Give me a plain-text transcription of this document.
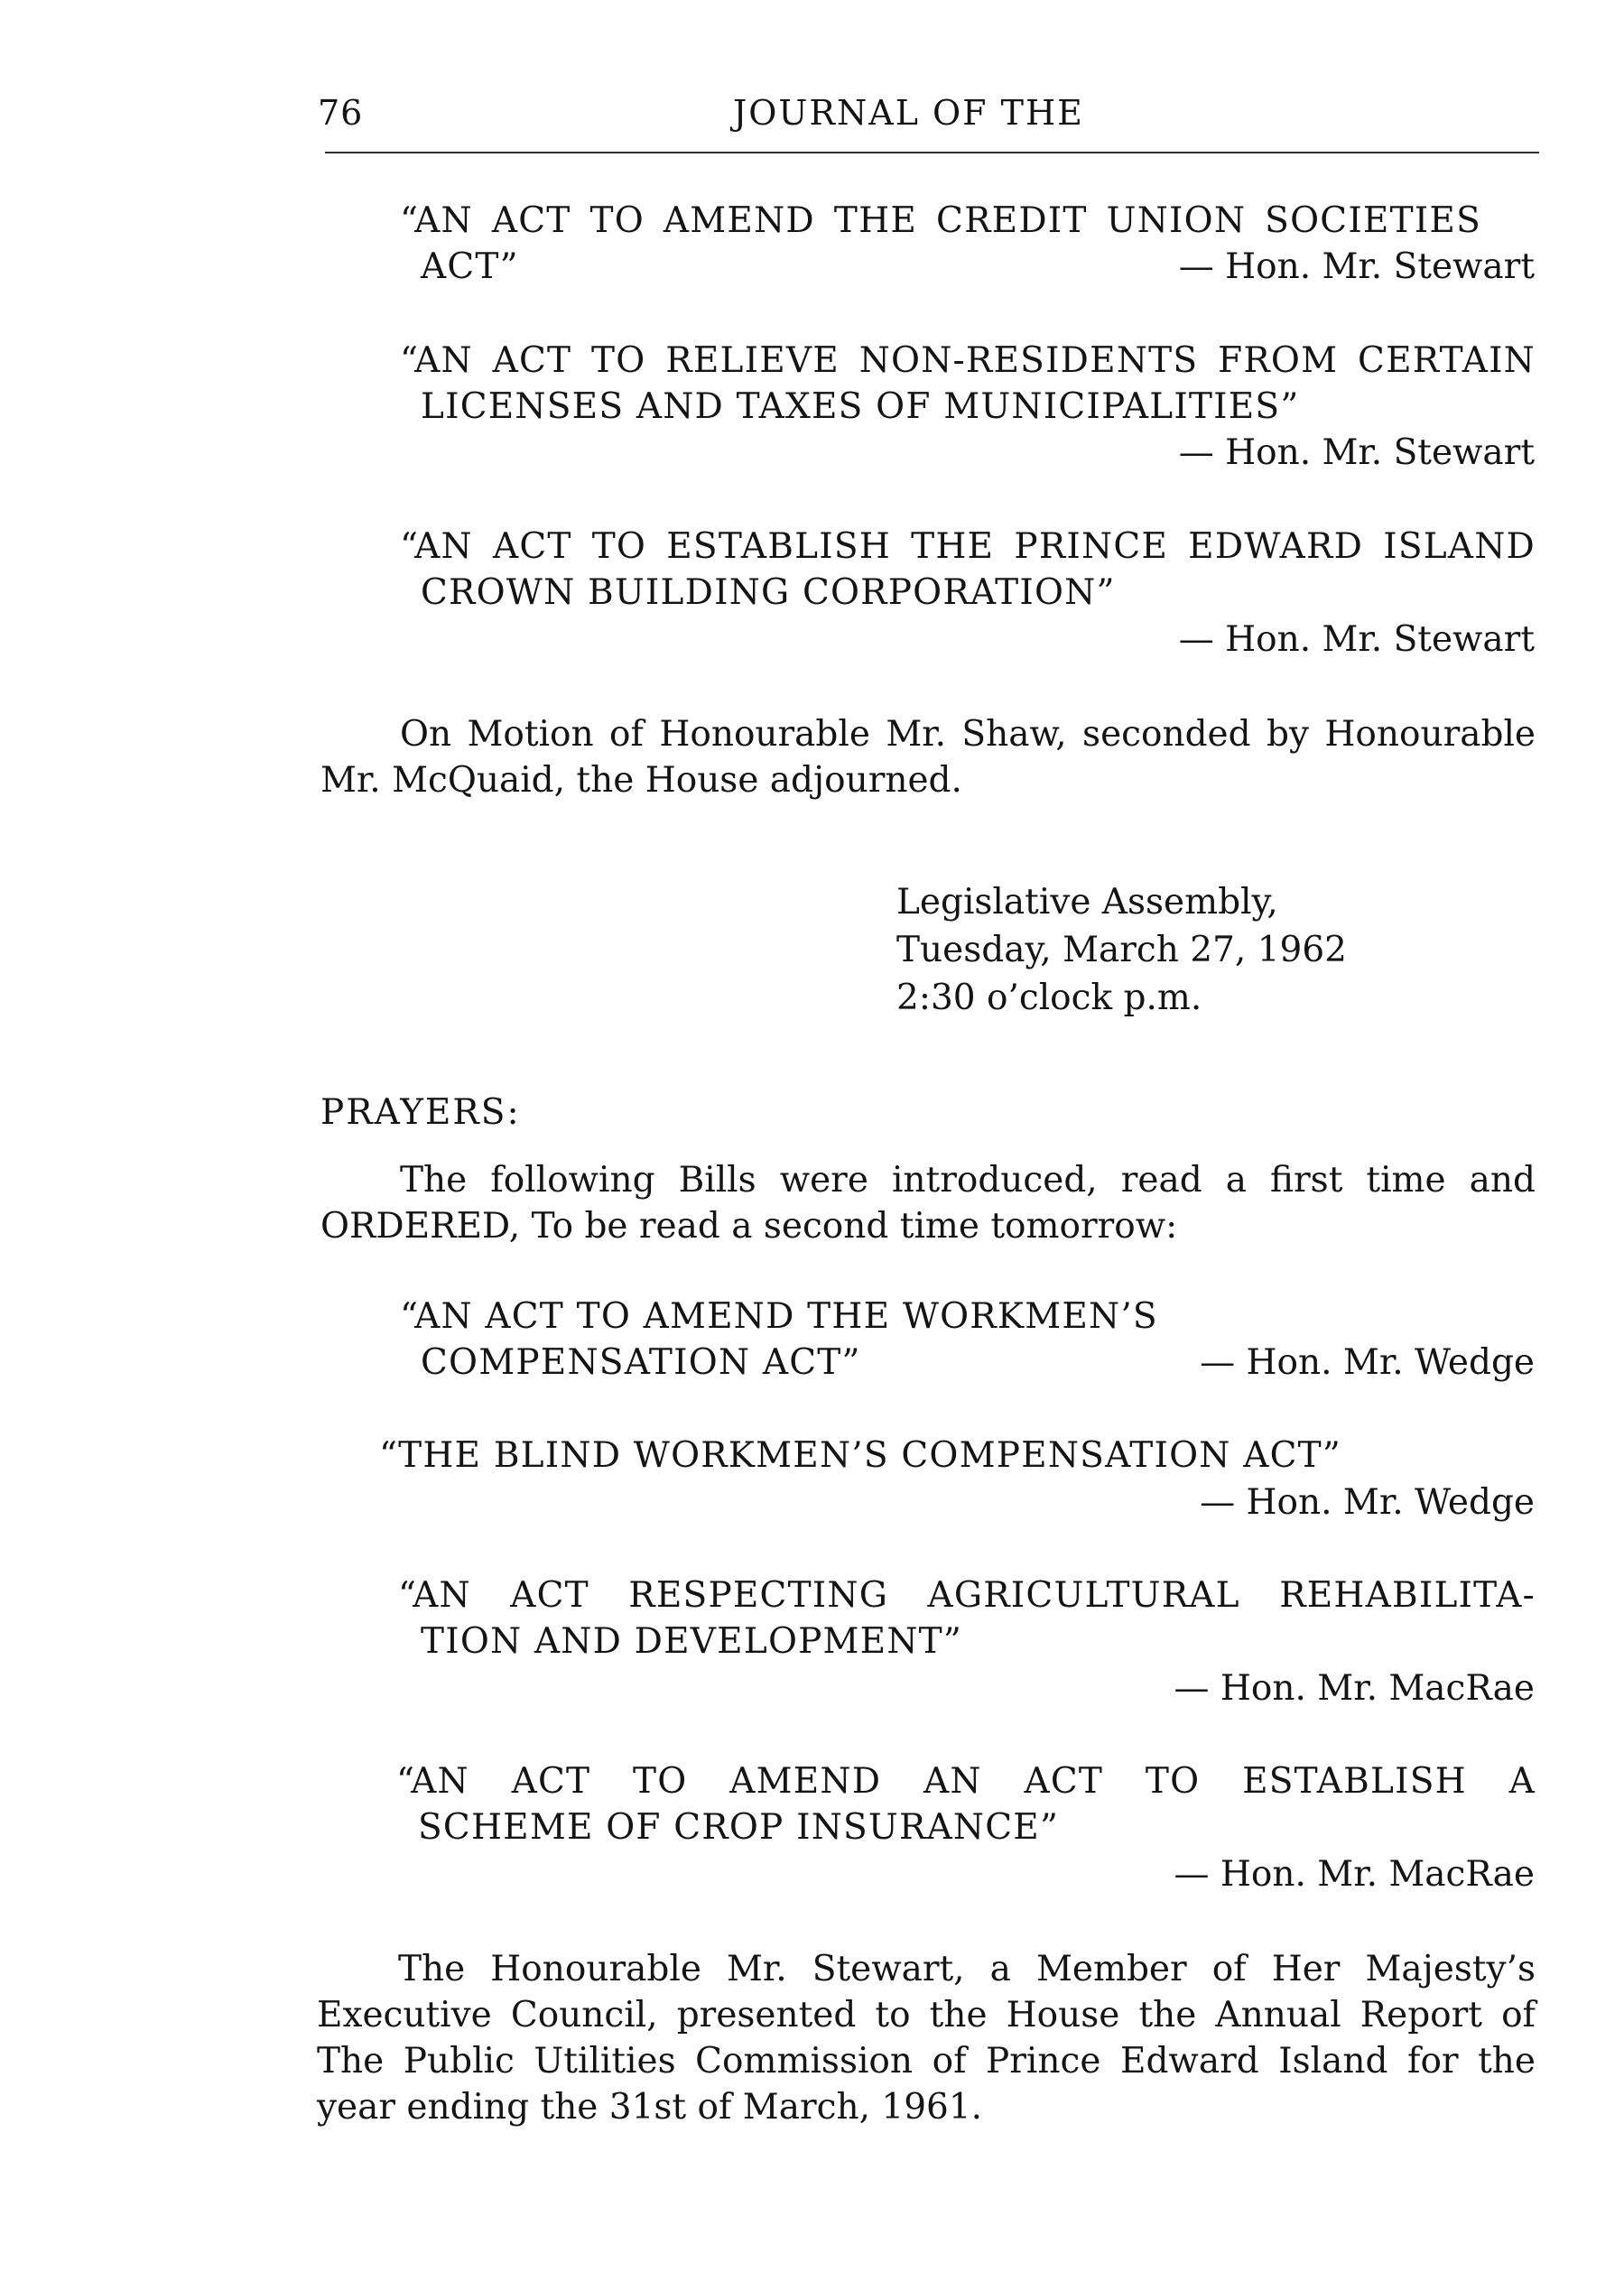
76	JOURNAL OF THE
“AN ACT TO AMEND THE CREDIT UNION SOCIETIES
ACT”	— Hon. Mr. Stewart
“AN ACT TO RELIEVE NON-RESIDENTS FROM CERTAIN
LICENSES AND TAXES OF MUNICIPALITIES”
— Hon. Mr. Stewart
“AN ACT TO ESTABLISH THE PRINCE EDWARD ISLAND
CROWN BUILDING CORPORATION”
— Hon. Mr. Stewart
On Motion of Honourable Mr. Shaw, seconded by Honourable
Mr. McQuaid, the House adjourned.
Legislative Assembly,
Tuesday, March 27, 1962
2:30 o’clock p.m.
PRAYERS:
The following Bills were introduced, read a first time and
ORDERED, To be read a second time tomorrow:
“AN ACT TO AMEND THE WORKMEN’S
COMPENSATION ACT”	— Hon. Mr. Wedge
“THE BLIND WORKMEN’S COMPENSATION ACT”
— Hon. Mr. Wedge
“AN ACT RESPECTING AGRICULTURAL REHABILITA-
TION AND DEVELOPMENT”
— Hon. Mr. MacRae
“AN ACT TO AMEND AN ACT TO ESTABLISH A
SCHEME OF CROP INSURANCE”
— Hon. Mr. MacRae
The Honourable Mr. Stewart, a Member of Her Majesty’s
Executive Council, presented to the House the Annual Report of
The Public Utilities Commission of Prince Edward Island for the
year ending the 31st of March, 1961.
